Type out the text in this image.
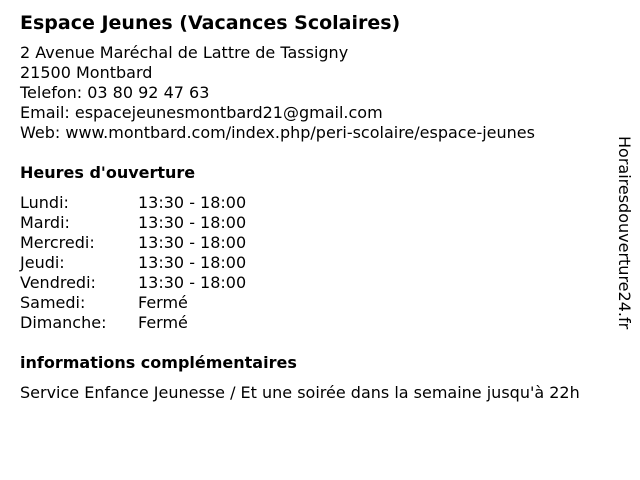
Espace Jeunes (Vacances Scolaires)
2 Avenue Maréchal de Lattre de Tassigny
21500 Montbard
Telefon: 03 80 92 47 63
Email: espacejeunesmontbard21@gmail.com
Web: www.montbard.com/index.php/peri-scolaire/espace-jeunes
Heures d'ouverture
Lundi:	13:30 - 18:00
Mardi:	13:30 - 18:00
Mercredi:	13:30 - 18:00
Jeudi:	13:30 - 18:00
Vendredi:	13:30 - 18:00
Samedi:	Fermé
Dimanche:	Fermé
informations complémentaires
Service Enfance Jeunesse / Et une soirée dans la semaine jusqu'à 22h
Horairesdouverture24.fr
